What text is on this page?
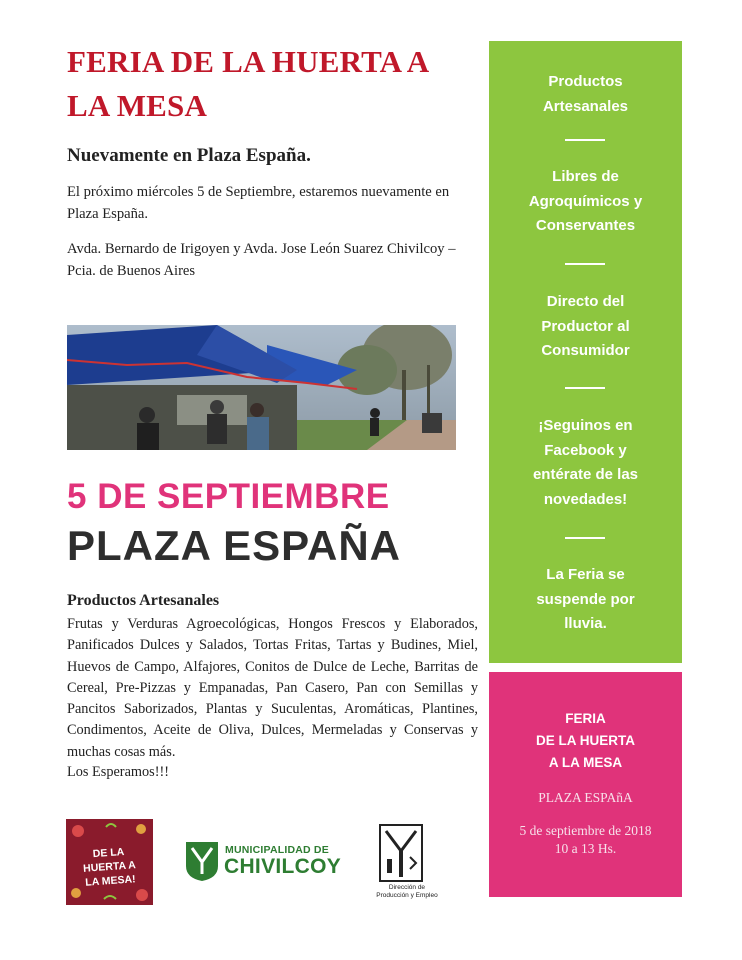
FERIA DE LA HUERTA A LA MESA
Nuevamente en Plaza España.
El próximo miércoles 5 de Septiembre, estaremos nuevamente en Plaza España.
Avda. Bernardo de Irigoyen y Avda. Jose León Suarez Chivilcoy – Pcia. de Buenos Aires
5 DE SEPTIEMBRE
PLAZA ESPAÑA
Productos Artesanales
Frutas y Verduras Agroecológicas, Hongos Frescos y Elaborados, Panificados Dulces y Salados, Tortas Fritas, Tartas y Budines, Miel, Huevos de Campo, Alfajores, Conitos de Dulce de Leche, Barritas de Cereal, Pre-Pizzas y Empanadas, Pan Casero, Pan con Semillas y Pancitos Saborizados, Plantas y Suculentas, Aromáticas, Plantines, Condimentos, Aceite de Oliva, Dulces, Mermeladas y Conservas y muchas cosas más.
Los Esperamos!!!
Productos
Artesanales
Libres de
Agroquímicos y
Conservantes
Directo del
Productor al
Consumidor
¡Seguinos en
Facebook y
entérate de las
novedades!
La Feria se
suspende por
lluvia.
FERIA
DE LA HUERTA
A LA MESA
PLAZA ESPAñA
5 de septiembre de 2018
10 a 13 Hs.
DE LA HUERTA A LA MESA!
MUNICIPALIDAD DE
CHIVILCOY
Dirección de
Producción y Empleo
